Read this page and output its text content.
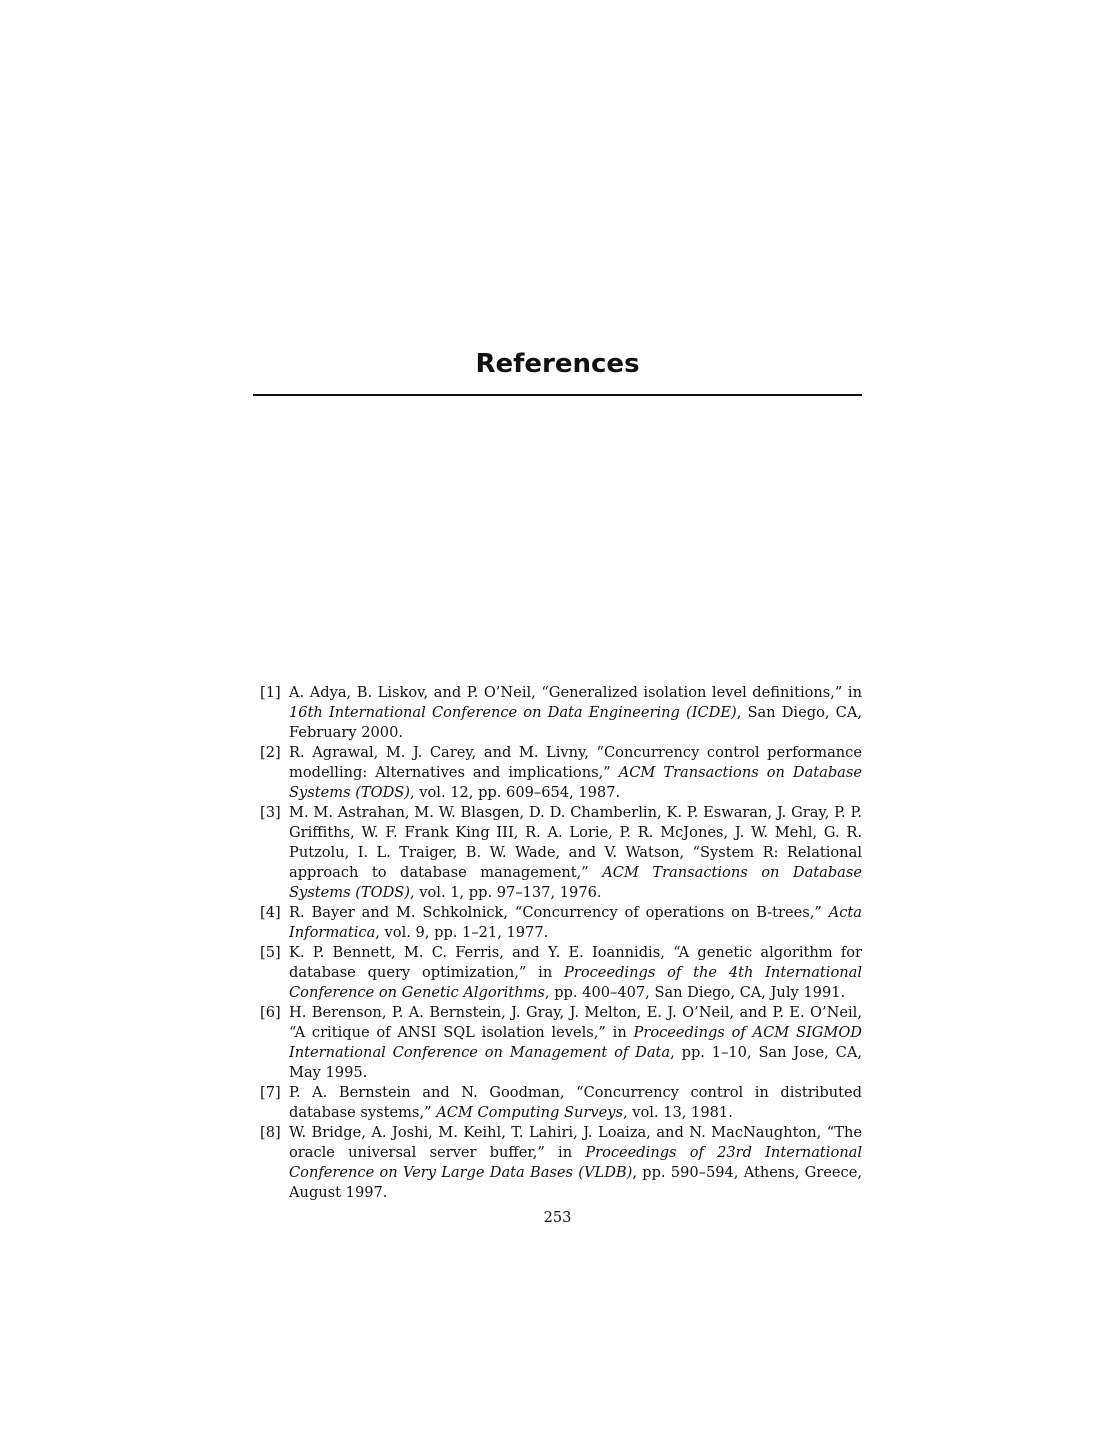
References
[1] A. Adya, B. Liskov, and P. O’Neil, “Generalized isolation level definitions,” in 16th International Conference on Data Engineering (ICDE), San Diego, CA, February 2000.
[2] R. Agrawal, M. J. Carey, and M. Livny, “Concurrency control performance modelling: Alternatives and implications,” ACM Transactions on Database Systems (TODS), vol. 12, pp. 609–654, 1987.
[3] M. M. Astrahan, M. W. Blasgen, D. D. Chamberlin, K. P. Eswaran, J. Gray, P. P. Griffiths, W. F. Frank King III, R. A. Lorie, P. R. McJones, J. W. Mehl, G. R. Putzolu, I. L. Traiger, B. W. Wade, and V. Watson, “System R: Relational approach to database management,” ACM Transactions on Database Systems (TODS), vol. 1, pp. 97–137, 1976.
[4] R. Bayer and M. Schkolnick, “Concurrency of operations on B-trees,” Acta Informatica, vol. 9, pp. 1–21, 1977.
[5] K. P. Bennett, M. C. Ferris, and Y. E. Ioannidis, “A genetic algorithm for database query optimization,” in Proceedings of the 4th International Conference on Genetic Algorithms, pp. 400–407, San Diego, CA, July 1991.
[6] H. Berenson, P. A. Bernstein, J. Gray, J. Melton, E. J. O’Neil, and P. E. O’Neil, “A critique of ANSI SQL isolation levels,” in Proceedings of ACM SIGMOD International Conference on Management of Data, pp. 1–10, San Jose, CA, May 1995.
[7] P. A. Bernstein and N. Goodman, “Concurrency control in distributed database systems,” ACM Computing Surveys, vol. 13, 1981.
[8] W. Bridge, A. Joshi, M. Keihl, T. Lahiri, J. Loaiza, and N. MacNaughton, “The oracle universal server buffer,” in Proceedings of 23rd International Conference on Very Large Data Bases (VLDB), pp. 590–594, Athens, Greece, August 1997.
253
